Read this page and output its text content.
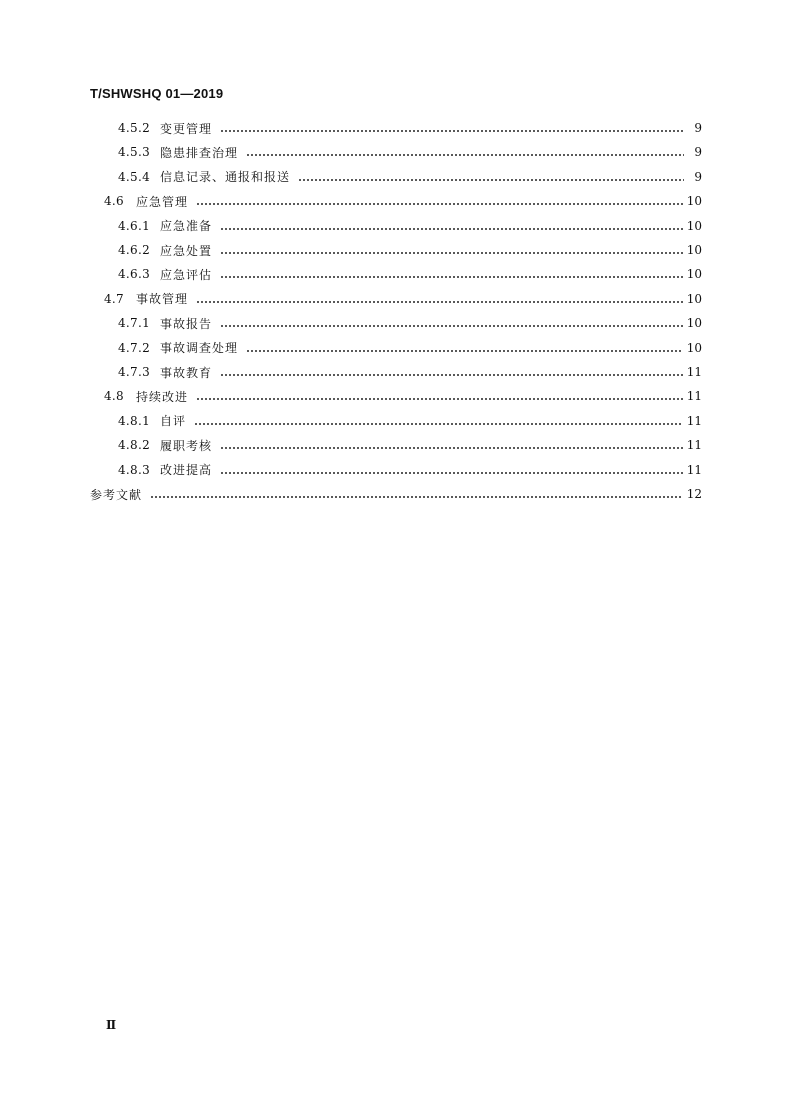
T/SHWSHQ 01—2019
4.5.2 变更管理	9
4.5.3 隐患排查治理	9
4.5.4 信息记录、通报和报送	9
4.6	应急管理	10
4.6.1 应急准备	10
4.6.2 应急处置	10
4.6.3 应急评估	10
4.7	事故管理	10
4.7.1 事故报告	10
4.7.2 事故调查处理	10
4.7.3 事故教育	11
4.8	持续改进	11
4.8.1 自评	11
4.8.2 履职考核	11
4.8.3 改进提高	11
参考文献	12
Ⅱ
